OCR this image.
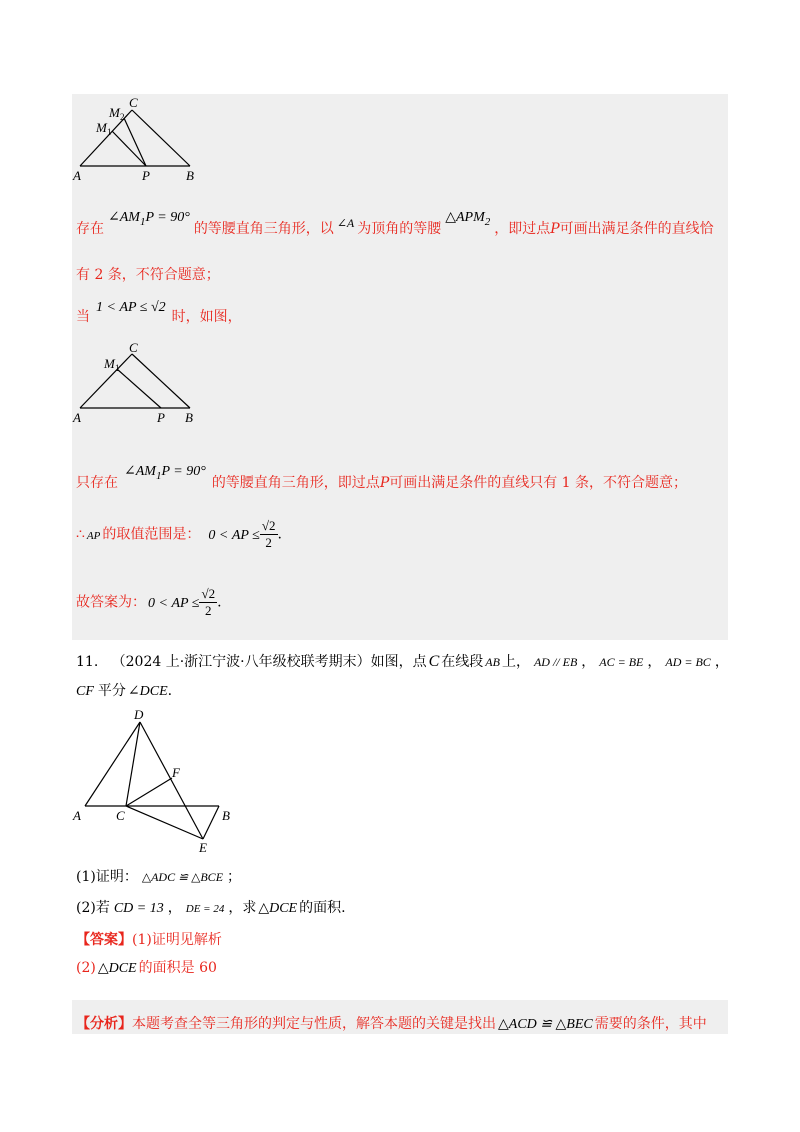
C
M 2
M 1
A	P	B
存在$\angle AM_1P = 90^\circ$的等腰直角三角形，以 ∠A 为顶角的等腰$\triangle APM_2$ ，即过点P可画出满足条件的直线恰
有 2 条，不符合题意；
当1 < AP ≤ √2时，如图，
C
M 1
A	P B
只存在$\angle AM_1P = 90^\circ$的等腰直角三角形，即过点P可画出满足条件的直线只有 1 条，不符合题意；
∴ AP 的取值范围是： 0 < AP ≤ $\frac{√2}{2}$ .
故答案为： 0 < AP ≤ $\frac{√2}{2}$ .
11. （2024 上·浙江宁波·八年级校联考期末）如图，点 C 在线段 AB 上， AD // EB ， AC = BE ， AD = BC ，
CF 平分 ∠DCE.
D
F
A	C	B
E
(1)证明： △ADC ≌ △BCE ；
(2)若 CD = 13 ， DE = 24 ，求 △DCE 的面积.
【答案】(1)证明见解析
(2) △DCE 的面积是 60
【分析】本题考查全等三角形的判定与性质，解答本题的关键是找出 △ACD ≌ △BEC 需要的条件，其中
